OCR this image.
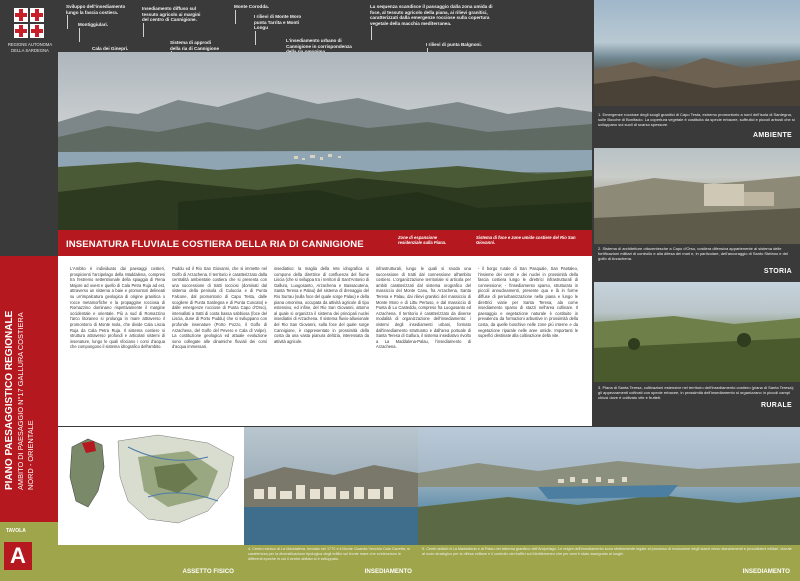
REGIONE AUTONOMA DELLA SARDEGNA
Sviluppo dell'insediamento lungo la fascia costiera.
Montiggiulari.
Cala dei Ginepri.
Insediamento diffuso sul tessuto agricolo ai margini del centro di Cannigione.
Sistema di approdi della ria di Cannigione
Monte Corodda.
I rilievi di Monte Moro punta Tarrita e Monti Longu
L'insediamento urbano di Cannigione in corrispondenza
La sequenza scandisce il passaggio dalla zona umida di foce, al tessuto agricolo della piana, ai rilievi granitici, caratterizzati dalla emergenze rocciose sulla copertura vegetale della macchia mediterranea.
I rilievi di punta Balgnoni.
1. Emergenze rocciose degli scogli granitici di Capo Testa, estremo promontorio a nord dell'isola di Sardegna, sulle Bocche di Bonifacio. La copertura vegetale è costituita da specie erbacee, suffrutici e piccoli arbusti che si sviluppano sui suoli di scarso spessore.
AMBIENTE
2. Sistema di architetture ottocentesche a Capo d'Orso, costiera difensiva appartenente al sistema delle fortificazioni militari di controllo e alla difesa dei mari e, in particolare, dell'ancoraggio di Santo Stefano e del golfo di Arzachena.
STORIA
3. Piana di Santa Teresa, coltivazioni estensive nel territorio dell'insediamento costiero (piana di Santa Teresa); gli appezzamenti coltivati con specie erbacee, in prossimità dell'insediamento si organizzano in piccoli campi chiusi dove è coltivato vite e frutteti.
RURALE
INSENATURA FLUVIALE COSTIERA DELLA RIA DI CANNIGIONE
Zone di espansione residenziale sulla Piana.
Sistema di foce e zone umide costiere del Rio San Giovanni.
L'Ambito è individuato dai paesaggi costieri, prospicienti l'arcipelago della Maddalena, compresi tra l'estremo settentrionale della spiaggia di Rena Majore ad ovest e quello di Cala Petra Ruja ad est, attraverso un sistema a baie e promontori delineati su un'impalcatura geologica di origine granitica o rocce metamorfiche e la propaggine rocciosa di Romazzino dominano rispettivamente il margine occidentale e orientale. Più a sud di Romazzino l'arco litoraneo si prolunga in mare attraverso il promontorio di Monte Isola, che divide Cala Liscia Ruja da Cala Petra Ruja. Il sistema costiero si struttura attraverso profondi e articolati sistemi di insenature, lungo le quali sfociano i corsi d'acqua che compongono il sistema idrografico dell'ambito.
Puddu ed il Rio San Giovanni, che si immette nel Golfo di Arzachena. Il territorio è caratterizzato dalla centralità ambientale costiera che si presenta con una successione di tratti rocciosi (dominati dal sistema della penisola di Culuccia e di Punta Falcone, dal promontorio di Capo Testa, dalle scogliere di Punta Sardegna e di Punta Cuncato) e dalle emergenze rocciose di Punta Capo d'Orso), intervallati a tratti di costa bassa sabbiosa (foce del Liscia, dune di Porto Puddu) che si sviluppano con profonde insenature (Porto Pozzo, il Golfo di Arzachena, del Golfo del Pevero e Cala di Volpe). La costituzione geologica ed attuale evoluzione sono collegate alle dinamiche fluviali dei corsi d'acqua immessari.
insediativo: la maglia della rete idrografica si compone della direttrice di confluenza del fiume Liscia (che si sviluppa tra i territori di Sant'Antonio di Gallura, Luogosanto, Arzachena e Bassacutena, Santa Teresa e Palau) del sistema di drenaggio del Rio Surrau (sulla foce del quale sorge Palau) e della piana omonima, occupata da attività agricole di tipo estensivo, ed infine, del Rio San Giovanni, attorno al quale si organizza il sistema dei principali nuclei insediativi di Arzachena. Il sistema fluvio-alluvionale del Rio San Giovanni, sulla foce del quale sorge Cannigione, è rappresentato in prossimità della costa da una vasta pianura deltizia, interessata da attività agricole.
infrastrutturali, lungo le quali si snoda una successione di tratti dal connessione all'ambito costiero. L'organizzazione territoriale si articola per ambiti caratterizzati dal sistema orografico del massiccio del Monte Canu, fra Arzachena, Santa Teresa e Palau, dai rilievi granitici del massiccio di Monte Moro e di Littu Pertuso, e dal massiccio di Punta di Lu Casteddu, compreso fra Luogosanto ed Arzachena. Il territorio è caratterizzato da diverse modalità di organizzazione dell'insediamento: i sistemi degli insediamenti urbani, formato dall'insediamento strutturato e dall'area portuale di Santa Teresa di Gallura, il sistema insediativo rivolto a La Maddalena-Palau, l'insediamento di Arzachena.
- il borgo rurale di San Pasquale, San Pantaleo, l'insieme dei centri e dei nuclei in prossimità della fascia costiera lungo le direttrici infrastrutturali di connessione; - l'insediamento sparso, strutturato in piccoli annucleamenti, presente qua e là in forme diffuse di periurbanizzazione nella piana e lungo le direttrici viarie per Santa Teresa, ala come insediamento sparso di stazzi nell'area collinare. Il paesaggio e vegetazione naturale è costituito in prevalenza da formazioni arbustive in prossimità della costa, da quelle boschive nelle zone più interne e da vegetazione riparale nelle aree umide. Importanti le superfici destinate alla coltivazione della vite.
PIANO PAESAGGISTICO REGIONALE AMBITO DI PAESAGGIO N°17 GALLURA COSTIERA NORD - ORIENTALE
TAVOLA
A
ASSETTO FISICO
4. Centro storico di La Maddalena, fondato nel 1770 e il Monte Guardia Vecchia Cala Gavetta, si caratterizza per la diversificazione tipologica degli edifici sul fronte mare che evidenziano le differenti epoche in cui il centro abitato si è sviluppato.
INSEDIAMENTO
5. Centri abitati di La Maddalena e di Palau nel sistema granitico dell'Arcipelago. Le origini dell'insediamento sono strettamente legate al processo di evoluzione degli stazzi verso stanziamenti e piccolissimi militari, dovute al ruolo strategico per la difesa militare e il controllo dei traffici sul Mediterraneo che per anni è stato assegnato ai luoghi.
INSEDIAMENTO
